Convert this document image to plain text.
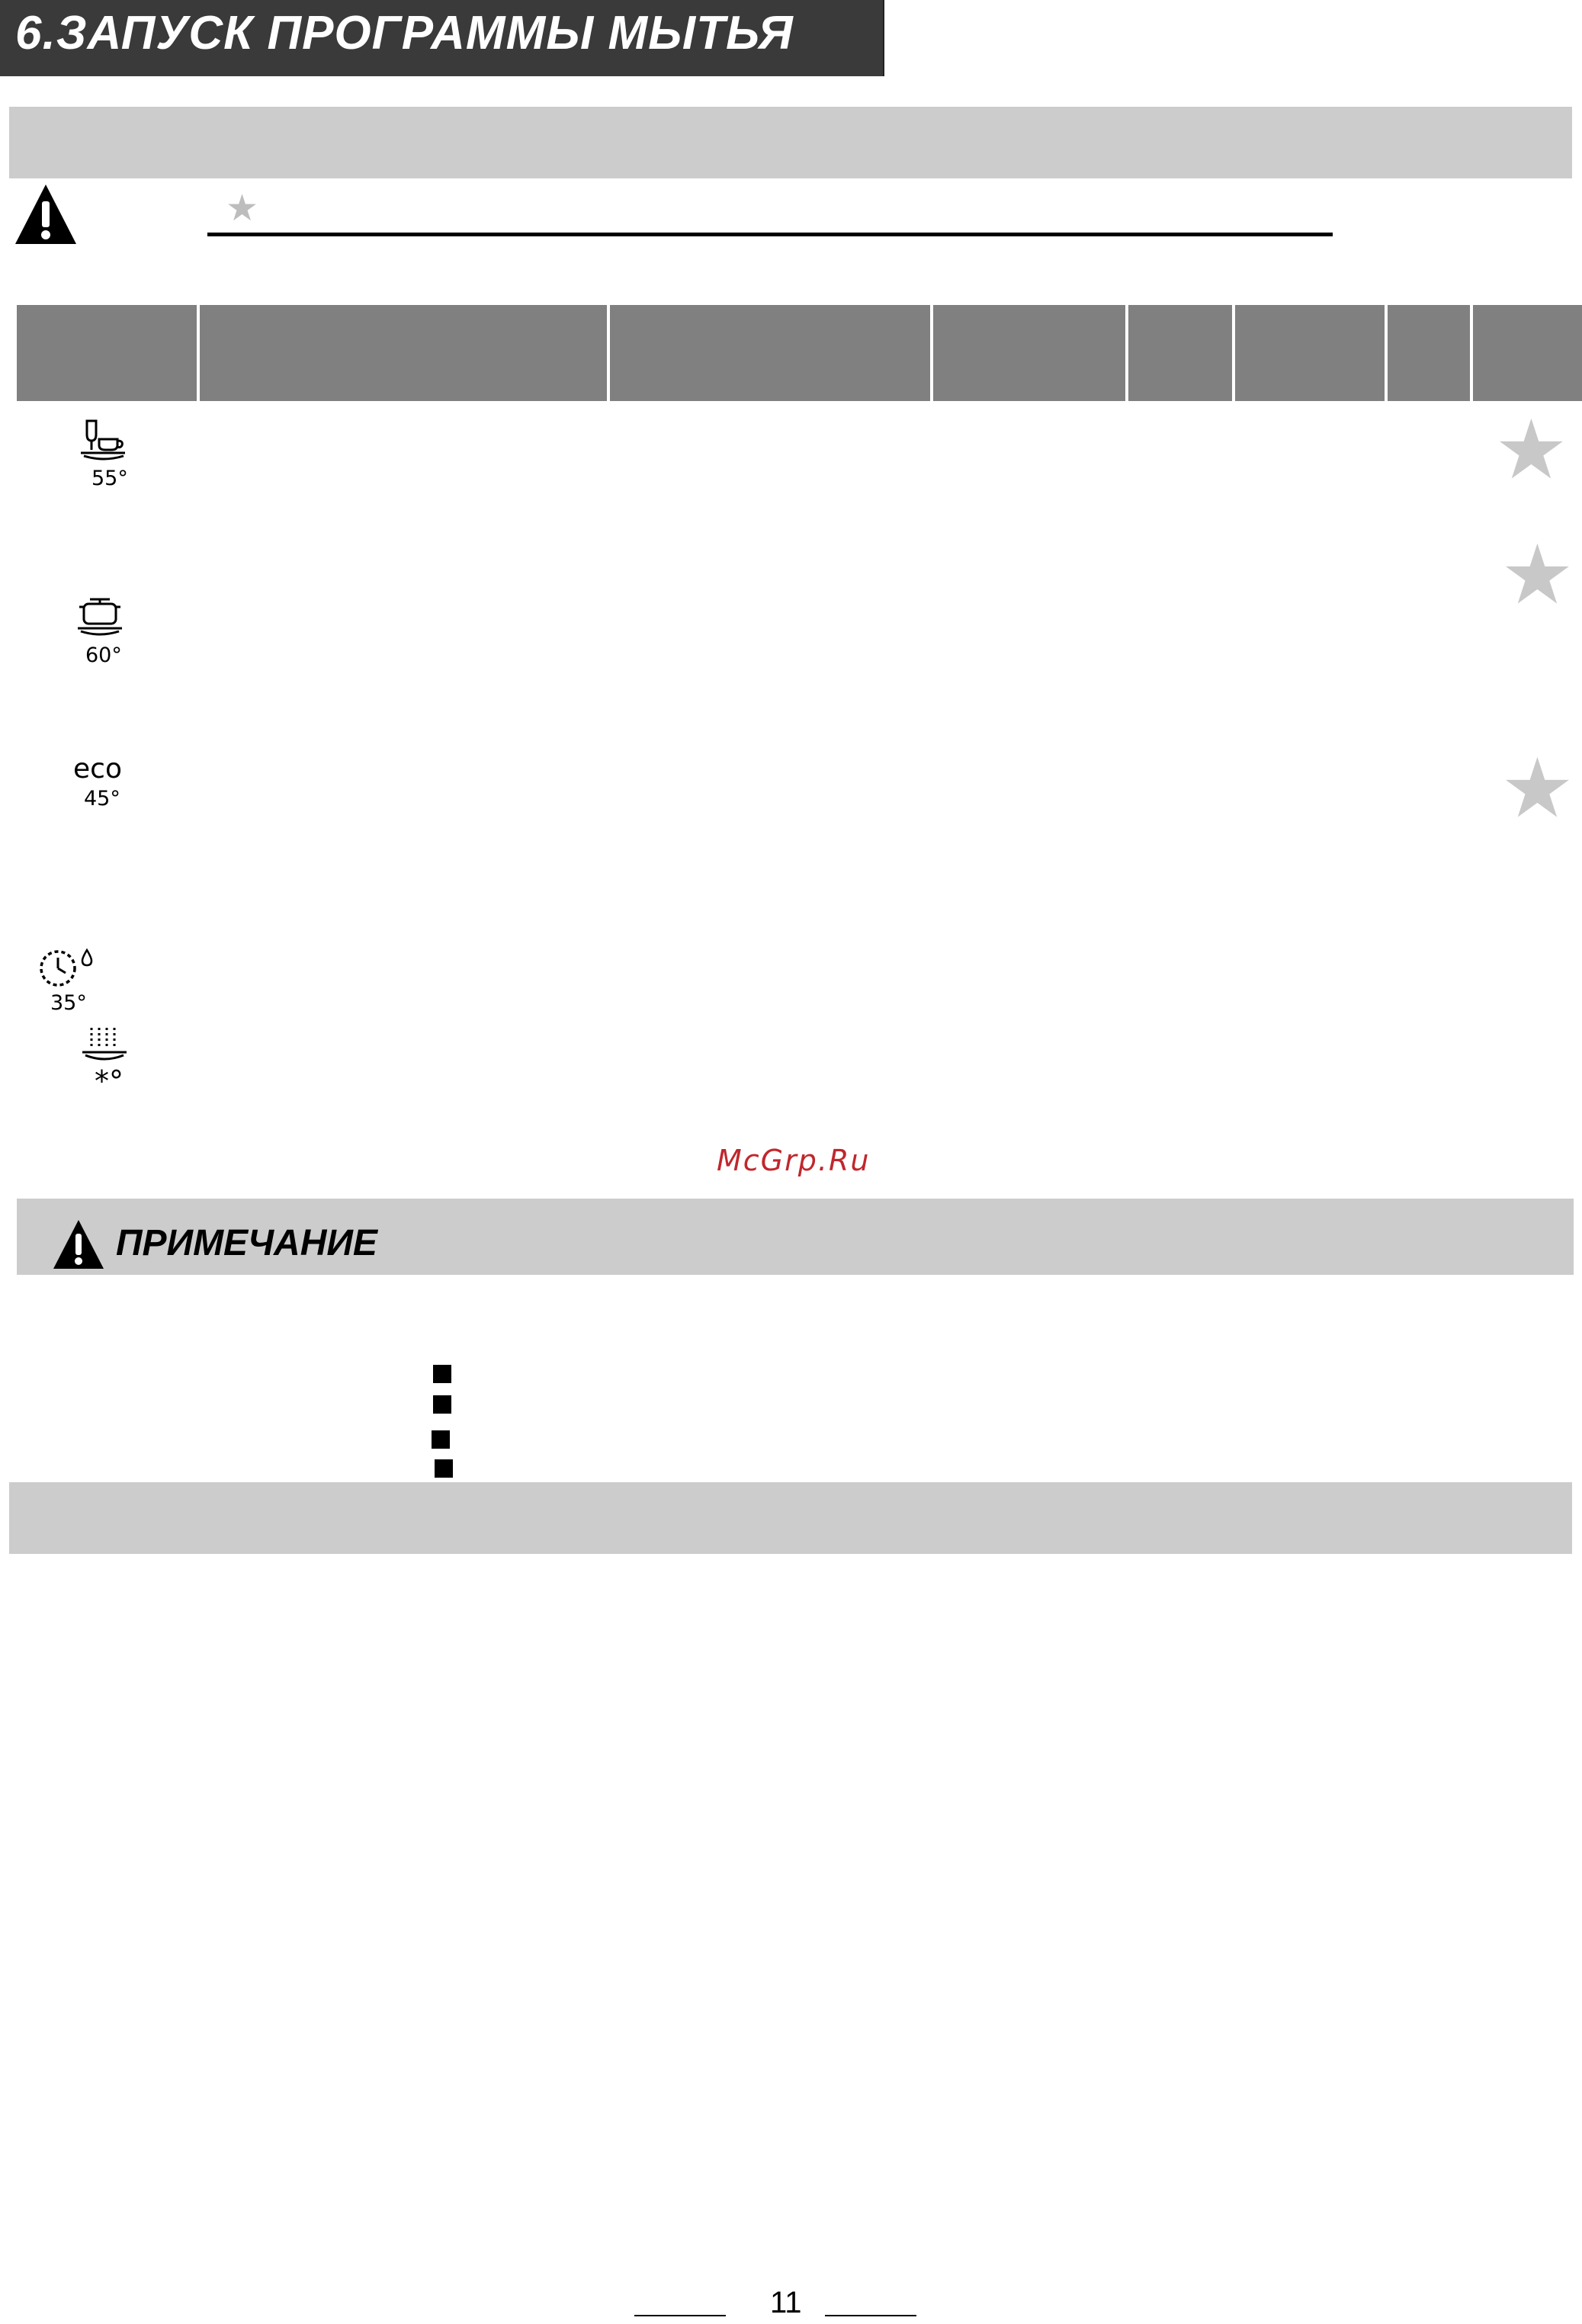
6.ЗАПУСК ПРОГРАММЫ МЫТЬЯ
★
55°	★
★
60°
eco
45°	★
35°
*°
McGrp.Ru
ПРИМЕЧАНИЕ
11
